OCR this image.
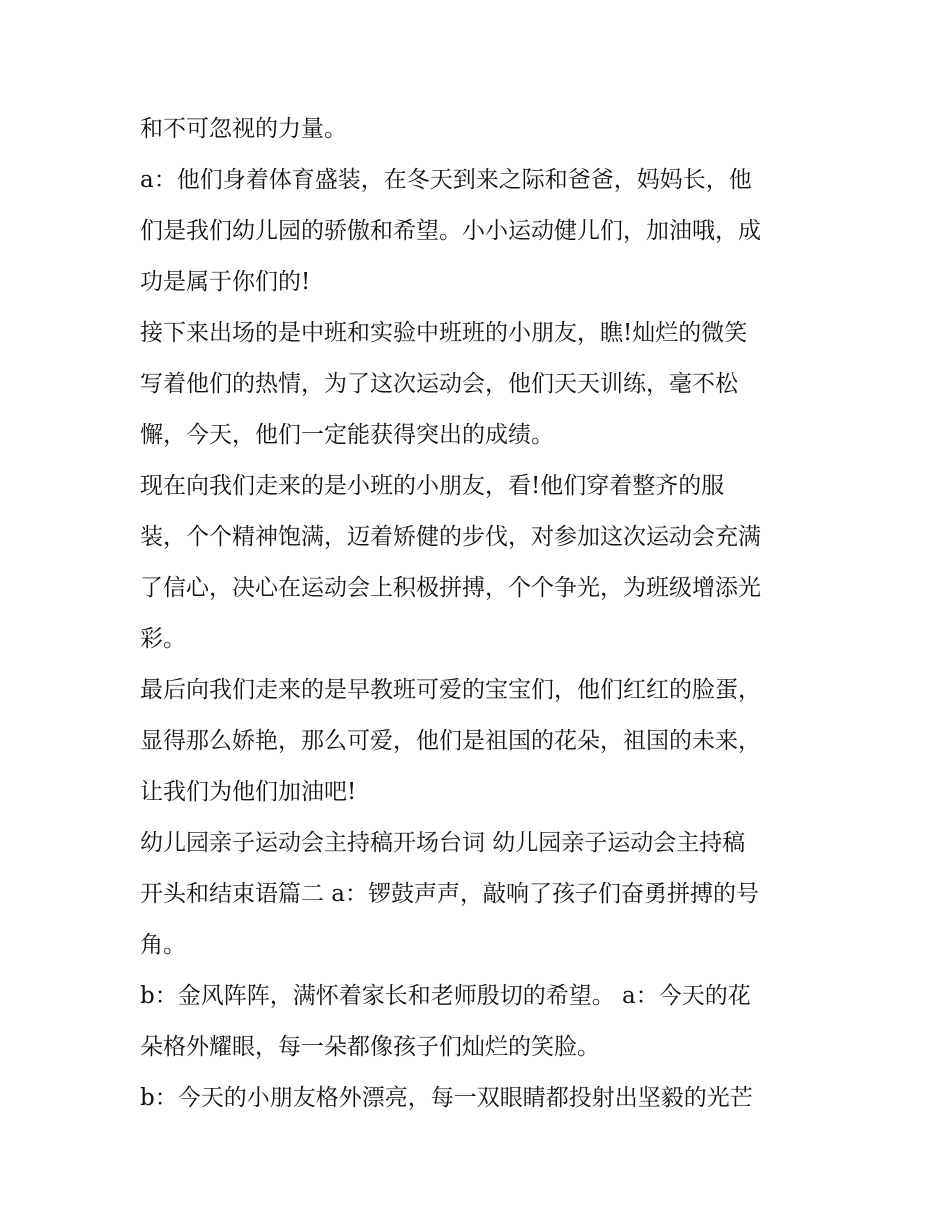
和不可忽视的力量。
a：他们身着体育盛装，在冬天到来之际和爸爸，妈妈长，他
们是我们幼儿园的骄傲和希望。小小运动健儿们，加油哦，成
功是属于你们的!
接下来出场的是中班和实验中班班的小朋友，瞧!灿烂的微笑
写着他们的热情，为了这次运动会，他们天天训练，毫不松
懈，今天，他们一定能获得突出的成绩。
现在向我们走来的是小班的小朋友，看!他们穿着整齐的服
装，个个精神饱满，迈着矫健的步伐，对参加这次运动会充满
了信心，决心在运动会上积极拼搏，个个争光，为班级增添光
彩。
最后向我们走来的是早教班可爱的宝宝们，他们红红的脸蛋，
显得那么娇艳，那么可爱，他们是祖国的花朵，祖国的未来，
让我们为他们加油吧!
幼儿园亲子运动会主持稿开场台词 幼儿园亲子运动会主持稿
开头和结束语篇二 a：锣鼓声声，敲响了孩子们奋勇拼搏的号
角。
b：金风阵阵，满怀着家长和老师殷切的希望。 a：今天的花
朵格外耀眼，每一朵都像孩子们灿烂的笑脸。
b：今天的小朋友格外漂亮，每一双眼睛都投射出坚毅的光芒
